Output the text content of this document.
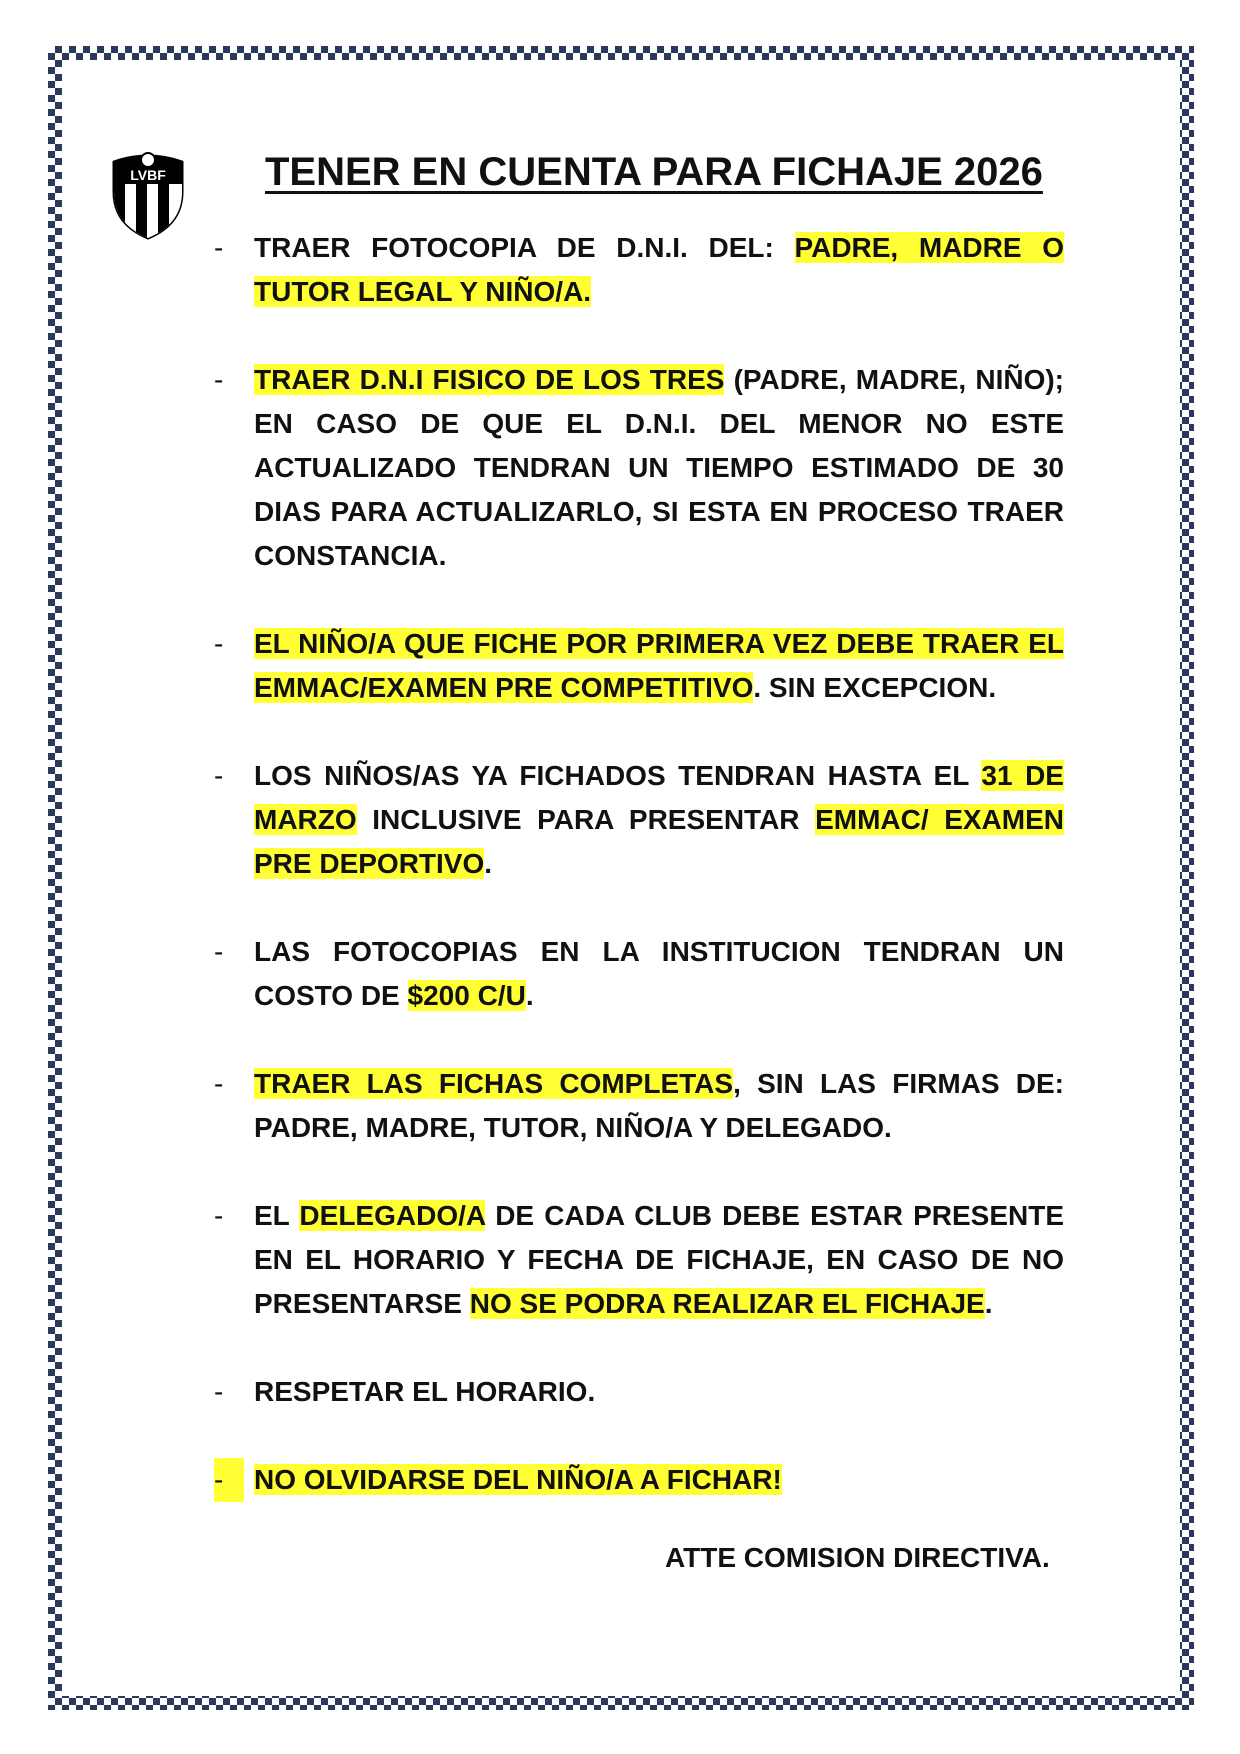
LVBF TENER EN CUENTA PARA FICHAJE 2026
-	TRAER FOTOCOPIA DE D.N.I. DEL: PADRE, MADRE O TUTOR LEGAL Y NIÑO/A.

-	TRAER D.N.I FISICO DE LOS TRES (PADRE, MADRE, NIÑO); EN CASO DE QUE EL D.N.I. DEL MENOR NO ESTE ACTUALIZADO TENDRAN UN TIEMPO ESTIMADO DE 30 DIAS PARA ACTUALIZARLO, SI ESTA EN PROCESO TRAER CONSTANCIA.

-	EL NIÑO/A QUE FICHE POR PRIMERA VEZ DEBE TRAER EL EMMAC/EXAMEN PRE COMPETITIVO. SIN EXCEPCION.

-	LOS NIÑOS/AS YA FICHADOS TENDRAN HASTA EL 31 DE MARZO INCLUSIVE PARA PRESENTAR EMMAC/ EXAMEN PRE DEPORTIVO.

-	LAS FOTOCOPIAS EN LA INSTITUCION TENDRAN UN COSTO DE $200 C/U.

-	TRAER LAS FICHAS COMPLETAS, SIN LAS FIRMAS DE: PADRE, MADRE, TUTOR, NIÑO/A Y DELEGADO.

-	EL DELEGADO/A DE CADA CLUB DEBE ESTAR PRESENTE EN EL HORARIO Y FECHA DE FICHAJE, EN CASO DE NO PRESENTARSE NO SE PODRA REALIZAR EL FICHAJE.

-	RESPETAR EL HORARIO.

-	NO OLVIDARSE DEL NIÑO/A A FICHAR!

ATTE COMISION DIRECTIVA.
